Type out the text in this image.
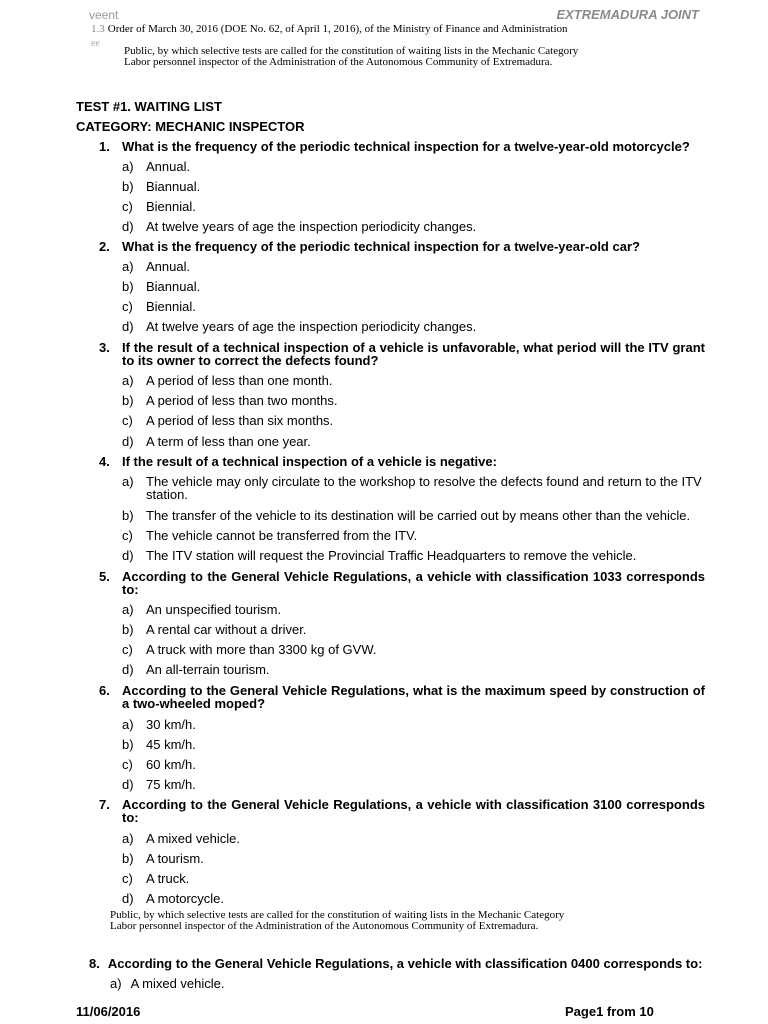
veent	EXTREMADURA JOINT
1.3 Order of March 30, 2016 (DOE No. 62, of April 1, 2016), of the Ministry of Finance and Administration
ee
Public, by which selective tests are called for the constitution of waiting lists in the Mechanic Category
Labor personnel inspector of the Administration of the Autonomous Community of Extremadura.
TEST #1. WAITING LIST
CATEGORY: MECHANIC INSPECTOR
1. What is the frequency of the periodic technical inspection for a twelve-year-old motorcycle?
a) Annual.
b) Biannual.
c)	Biennial.
d) At twelve years of age the inspection periodicity changes.
2. What is the frequency of the periodic technical inspection for a twelve-year-old car?
a) Annual.
b) Biannual.
c)	Biennial.
d) At twelve years of age the inspection periodicity changes.
3. If the result of a technical inspection of a vehicle is unfavorable, what period will the ITV grant to its owner to correct the defects found?
a) A period of less than one month.
b) A period of less than two months.
c)	A period of less than six months.
d) A term of less than one year.
4. If the result of a technical inspection of a vehicle is negative:
a) The vehicle may only circulate to the workshop to resolve the defects found and return to the ITV station.
b) The transfer of the vehicle to its destination will be carried out by means other than the vehicle.
c)	The vehicle cannot be transferred from the ITV.
d) The ITV station will request the Provincial Traffic Headquarters to remove the vehicle.
5. According to the General Vehicle Regulations, a vehicle with classification 1033 corresponds to:
a) An unspecified tourism.
b) A rental car without a driver.
c)	A truck with more than 3300 kg of GVW.
d) An all-terrain tourism.
6. According to the General Vehicle Regulations, what is the maximum speed by construction of a two-wheeled moped?
a) 30 km/h.
b) 45 km/h.
c)	60 km/h.
d) 75 km/h.
7. According to the General Vehicle Regulations, a vehicle with classification 3100 corresponds to:
a) A mixed vehicle.
b) A tourism.
c)	A truck.
d) A motorcycle.
Public, by which selective tests are called for the constitution of waiting lists in the Mechanic Category
Labor personnel inspector of the Administration of the Autonomous Community of Extremadura.
8. According to the General Vehicle Regulations, a vehicle with classification 0400 corresponds to:
a) A mixed vehicle.
11/06/2016	Page1 from 10
